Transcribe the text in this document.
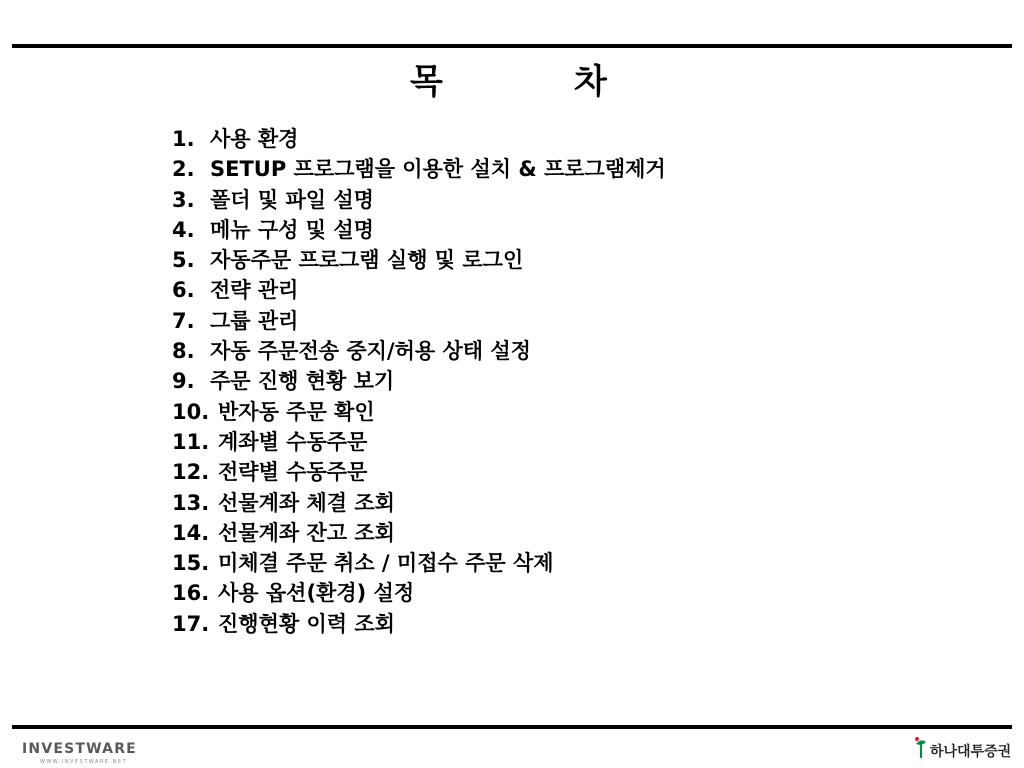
목	차
1. 사용 환경
2. SETUP 프로그램을 이용한 설치 & 프로그램제거
3. 폴더 및 파일 설명
4. 메뉴 구성 및 설명
5. 자동주문 프로그램 실행 및 로그인
6. 전략 관리
7. 그룹 관리
8. 자동 주문전송 중지/허용 상태 설정
9. 주문 진행 현황 보기
10. 반자동 주문 확인
11. 계좌별 수동주문
12. 전략별 수동주문
13. 선물계좌 체결 조회
14. 선물계좌 잔고 조회
15. 미체결 주문 취소 / 미접수 주문 삭제
16. 사용 옵션(환경) 설정
17. 진행현황 이력 조회
INVESTWARE
WWW.INVESTWARE.NET
하나대투증권
